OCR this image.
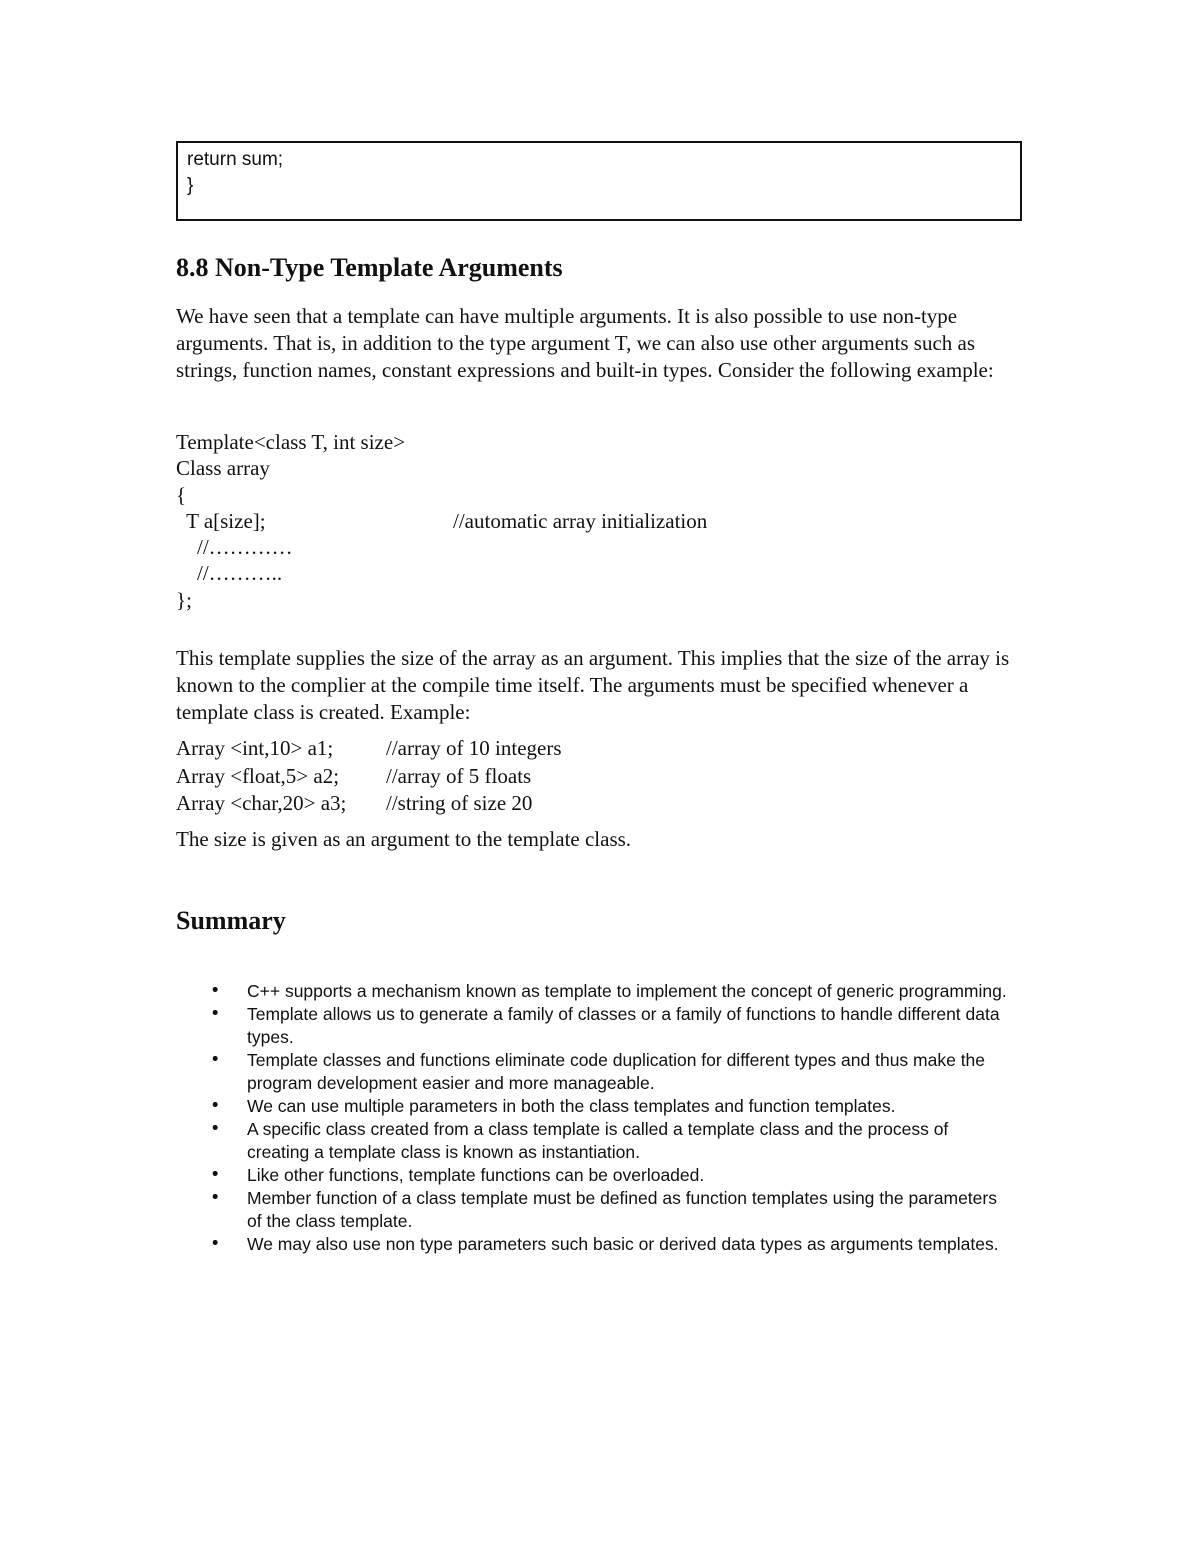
return sum;
}
8.8 Non-Type Template Arguments

We have seen that a template can have multiple arguments. It is also possible to use non-type arguments. That is, in addition to the type argument T, we can also use other arguments such as strings, function names, constant expressions and built-in types. Consider the following example:

Template<class T, int size>
Class array
{
T a[size];	//automatic array initialization
//…………
//………..
};

This template supplies the size of the array as an argument. This implies that the size of the array is known to the complier at the compile time itself. The arguments must be specified whenever a template class is created. Example:

Array <int,10> a1;	//array of 10 integers
Array <float,5> a2; //array of 5 floats
Array <char,20> a3; //string of size 20

The size is given as an argument to the template class.

Summary
•	C++ supports a mechanism known as template to implement the concept of generic programming.
•	Template allows us to generate a family of classes or a family of functions to handle different data types.
•	Template classes and functions eliminate code duplication for different types and thus make the program development easier and more manageable.
•	We can use multiple parameters in both the class templates and function templates.
•	A specific class created from a class template is called a template class and the process of creating a template class is known as instantiation.
•	Like other functions, template functions can be overloaded.
•	Member function of a class template must be defined as function templates using the parameters of the class template.
•	We may also use non type parameters such basic or derived data types as arguments templates.
